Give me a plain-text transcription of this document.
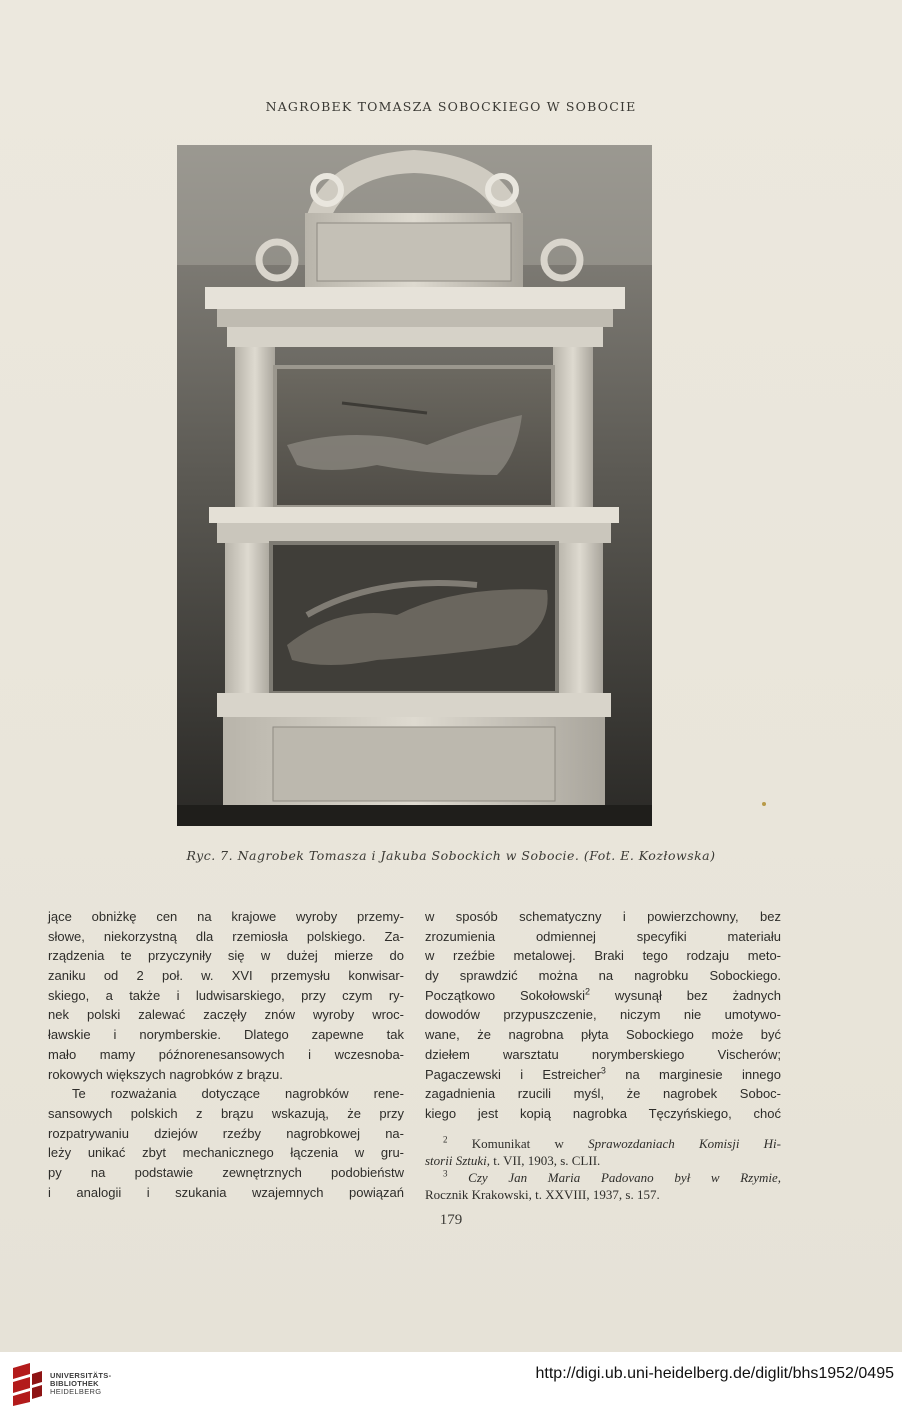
NAGROBEK TOMASZA SOBOCKIEGO W SOBOCIE
Ryc. 7. Nagrobek Tomasza i Jakuba Sobockich w Sobocie. (Fot. E. Kozłowska)
jące obniżkę cen na krajowe wyroby przemy-
słowe, niekorzystną dla rzemiosła polskiego. Za-
rządzenia te przyczyniły się w dużej mierze do
zaniku od 2 poł. w. XVI przemysłu konwisar-
skiego, a także i ludwisarskiego, przy czym ry-
nek polski zalewać zaczęły znów wyroby wroc-
ławskie i norymberskie. Dlatego zapewne tak
mało mamy późnorenesansowych i wczesnoba-
rokowych większych nagrobków z brązu.
Te rozważania dotyczące nagrobków rene-
sansowych polskich z brązu wskazują, że przy
rozpatrywaniu dziejów rzeźby nagrobkowej na-
leży unikać zbyt mechanicznego łączenia w gru-
py na podstawie zewnętrznych podobieństw
i analogii i szukania wzajemnych powiązań
w sposób schematyczny i powierzchowny, bez
zrozumienia odmiennej specyfiki materiału
w rzeźbie metalowej. Braki tego rodzaju meto-
dy sprawdzić można na nagrobku Sobockiego.
Początkowo Sokołowski$^2$ wysunął bez żadnych
dowodów przypuszczenie, niczym nie umotywo-
wane, że nagrobna płyta Sobockiego może być
dziełem warsztatu norymberskiego Vischerów;
Pagaczewski i Estreicher$^3$ na marginesie innego
zagadnienia rzucili myśl, że nagrobek Soboc-
kiego jest kopią nagrobka Tęczyńskiego, choć
$^2$ Komunikat w Sprawozdaniach Komisji Hi-
storii Sztuki, t. VII, 1903, s. CLII.
$^3$ Czy Jan Maria Padovano był w Rzymie,
Rocznik Krakowski, t. XXVIII, 1937, s. 157.
179
UNIVERSITÄTS-
BIBLIOTHEK
HEIDELBERG
http://digi.ub.uni-heidelberg.de/diglit/bhs1952/0495
